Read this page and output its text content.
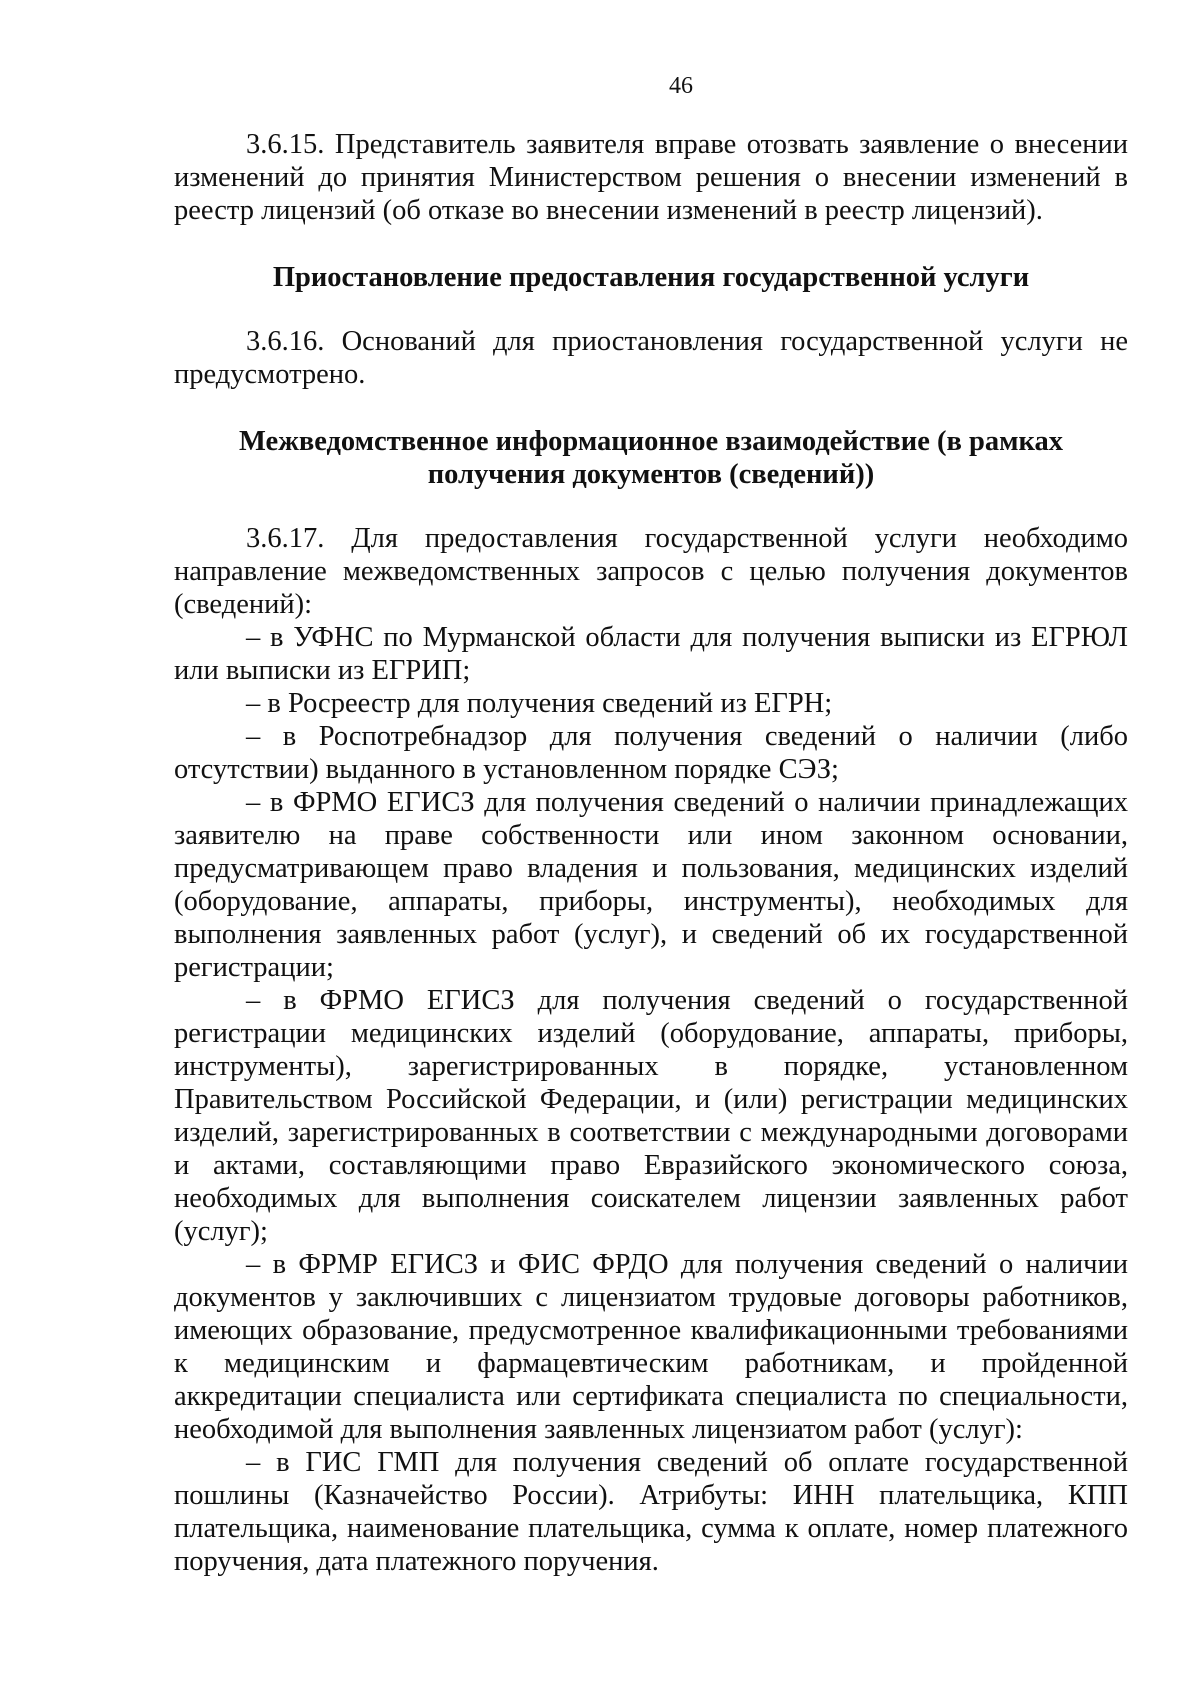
46

3.6.15. Представитель заявителя вправе отозвать заявление о внесении изменений до принятия Министерством решения о внесении изменений в реестр лицензий (об отказе во внесении изменений в реестр лицензий).

Приостановление предоставления государственной услуги

3.6.16. Оснований для приостановления государственной услуги не предусмотрено.

Межведомственное информационное взаимодействие (в рамках
получения документов (сведений))

3.6.17. Для предоставления государственной услуги необходимо направление межведомственных запросов с целью получения документов (сведений):

– в УФНС по Мурманской области для получения выписки из ЕГРЮЛ или выписки из ЕГРИП;

– в Росреестр для получения сведений из ЕГРН;

– в Роспотребнадзор для получения сведений о наличии (либо отсутствии) выданного в установленном порядке СЭЗ;

– в ФРМО ЕГИСЗ для получения сведений о наличии принадлежащих заявителю на праве собственности или ином законном основании, предусматривающем право владения и пользования, медицинских изделий (оборудование, аппараты, приборы, инструменты), необходимых для выполнения заявленных работ (услуг), и сведений об их государственной регистрации;

– в ФРМО ЕГИСЗ для получения сведений о государственной регистрации медицинских изделий (оборудование, аппараты, приборы, инструменты), зарегистрированных в порядке, установленном Правительством Российской Федерации, и (или) регистрации медицинских изделий, зарегистрированных в соответствии с международными договорами и актами, составляющими право Евразийского экономического союза, необходимых для выполнения соискателем лицензии заявленных работ (услуг);

– в ФРМР ЕГИСЗ и ФИС ФРДО для получения сведений о наличии документов у заключивших с лицензиатом трудовые договоры работников, имеющих образование, предусмотренное квалификационными требованиями к медицинским и фармацевтическим работникам, и пройденной аккредитации специалиста или сертификата специалиста по специальности, необходимой для выполнения заявленных лицензиатом работ (услуг):

– в ГИС ГМП для получения сведений об оплате государственной пошлины (Казначейство России). Атрибуты: ИНН плательщика, КПП плательщика, наименование плательщика, сумма к оплате, номер платежного поручения, дата платежного поручения.
